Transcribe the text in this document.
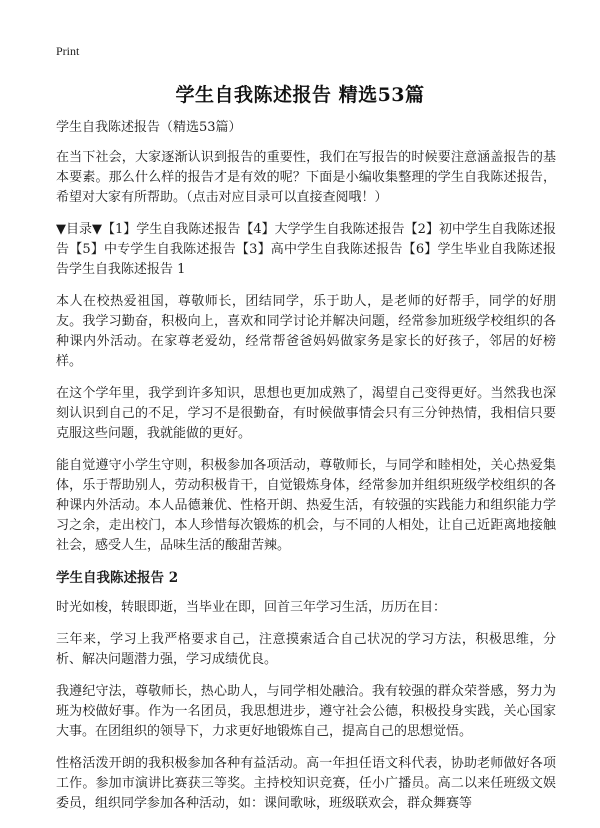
Print
学生自我陈述报告 精选53篇

学生自我陈述报告（精选53篇）

在当下社会，大家逐渐认识到报告的重要性，我们在写报告的时候要注意涵盖报告的基本要素。那么什么样的报告才是有效的呢？下面是小编收集整理的学生自我陈述报告，希望对大家有所帮助。（点击对应目录可以直接查阅哦！）

▼目录▼【1】学生自我陈述报告【4】大学学生自我陈述报告【2】初中学生自我陈述报告【5】中专学生自我陈述报告【3】高中学生自我陈述报告【6】学生毕业自我陈述报告学生自我陈述报告 1

本人在校热爱祖国，尊敬师长，团结同学，乐于助人，是老师的好帮手，同学的好朋友。我学习勤奋，积极向上，喜欢和同学讨论并解决问题，经常参加班级学校组织的各种课内外活动。在家尊老爱幼，经常帮爸爸妈妈做家务是家长的好孩子，邻居的好榜样。

在这个学年里，我学到许多知识，思想也更加成熟了，渴望自己变得更好。当然我也深刻认识到自己的不足，学习不是很勤奋，有时候做事情会只有三分钟热情，我相信只要克服这些问题，我就能做的更好。

能自觉遵守小学生守则，积极参加各项活动，尊敬师长，与同学和睦相处，关心热爱集体，乐于帮助别人，劳动积极肯干，自觉锻炼身体，经常参加并组织班级学校组织的各种课内外活动。本人品德兼优、性格开朗、热爱生活，有较强的实践能力和组织能力学习之余，走出校门，本人珍惜每次锻炼的机会，与不同的人相处，让自己近距离地接触社会，感受人生，品味生活的酸甜苦辣。

学生自我陈述报告 2

时光如梭，转眼即逝，当毕业在即，回首三年学习生活，历历在目：

三年来，学习上我严格要求自己，注意摸索适合自己状况的学习方法，积极思维，分析、解决问题潜力强，学习成绩优良。

我遵纪守法，尊敬师长，热心助人，与同学相处融洽。我有较强的群众荣誉感，努力为班为校做好事。作为一名团员，我思想进步，遵守社会公德，积极投身实践，关心国家大事。在团组织的领导下，力求更好地锻炼自己，提高自己的思想觉悟。

性格活泼开朗的我积极参加各种有益活动。高一年担任语文科代表，协助老师做好各项工作。参加市演讲比赛获三等奖。主持校知识竞赛，任小广播员。高二以来任班级文娱委员，组织同学参加各种活动，如：课间歌咏，班级联欢会，群众舞赛等
